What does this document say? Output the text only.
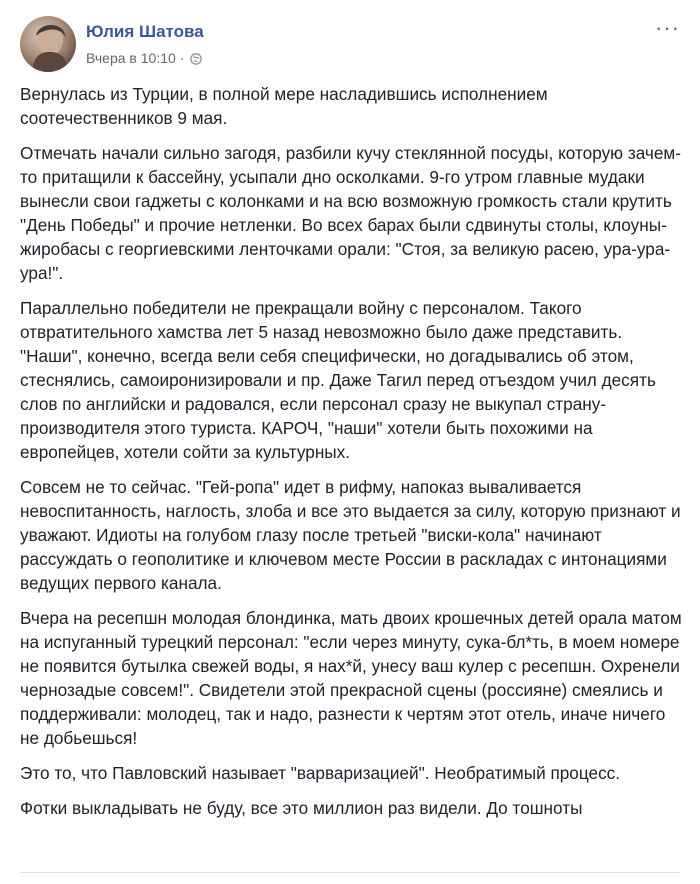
Юлия Шатова
Вчера в 10:10 ·
···

Вернулась из Турции, в полной мере насладившись исполнением соотечественников 9 мая.

Отмечать начали сильно загодя, разбили кучу стеклянной посуды, которую зачем-то притащили к бассейну, усыпали дно осколками. 9-го утром главные мудаки вынесли свои гаджеты с колонками и на всю возможную громкость стали крутить "День Победы" и прочие нетленки. Во всех барах были сдвинуты столы, клоуны-жиробасы с георгиевскими ленточками орали: "Стоя, за великую расею, ура-ура-ура!".

Параллельно победители не прекращали войну с персоналом. Такого отвратительного хамства лет 5 назад невозможно было даже представить. "Наши", конечно, всегда вели себя специфически, но догадывались об этом, стеснялись, самоиронизировали и пр. Даже Тагил перед отъездом учил десять слов по английски и радовался, если персонал сразу не выкупал страну-производителя этого туриста. КАРОЧ, "наши" хотели быть похожими на европейцев, хотели сойти за культурных.

Совсем не то сейчас. "Гей-ропа" идет в рифму, напоказ вываливается невоспитанность, наглость, злоба и все это выдается за силу, которую признают и уважают. Идиоты на голубом глазу после третьей "виски-кола" начинают рассуждать о геополитике и ключевом месте России в раскладах с интонациями ведущих первого канала.

Вчера на ресепшн молодая блондинка, мать двоих крошечных детей орала матом на испуганный турецкий персонал: "если через минуту, сука-бл*ть, в моем номере не появится бутылка свежей воды, я нах*й, унесу ваш кулер с ресепшн. Охренели чернозадые совсем!". Свидетели этой прекрасной сцены (россияне) смеялись и поддерживали: молодец, так и надо, разнести к чертям этот отель, иначе ничего не добьешься!

Это то, что Павловский называет "варваризацией". Необратимый процесс.

Фотки выкладывать не буду, все это миллион раз видели. До тошноты
